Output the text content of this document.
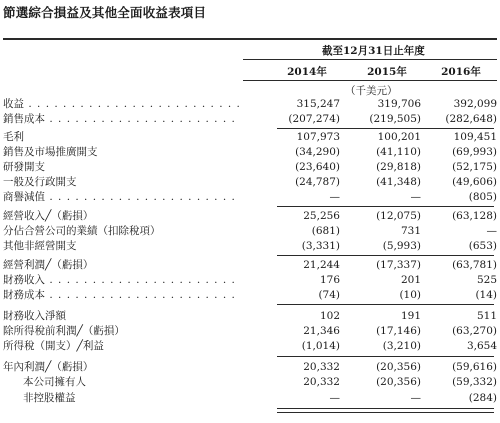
節選綜合損益及其他全面收益表項目
截至12月31日止年度
2014年	2015年	2016年
（千美元）
收益 . . .	315,247	319,706	392,099
銷售成本 . . .	(207,274)	(219,505)	(282,648)
毛利	107,973	100,201	109,451
銷售及市場推廣開支	(34,290)	(41,110)	(69,993)
研發開支	(23,640)	(29,818)	(52,175)
一般及行政開支	(24,787)	(41,348)	(49,606)
商譽減值 . . .	—	—	(805)
經營收入╱（虧損）	25,256	(12,075)	(63,128)
分佔合營公司的業績（扣除稅項）	(681)	731	—
其他非經營開支	(3,331)	(5,993)	(653)
經營利潤╱（虧損）	21,244	(17,337)	(63,781)
財務收入 . . .	176	201	525
財務成本 . . .	(74)	(10)	(14)
財務收入淨額	102	191	511
除所得稅前利潤╱（虧損）	21,346	(17,146)	(63,270)
所得稅（開支）╱利益	(1,014)	(3,210)	3,654
年內利潤╱（虧損）	20,332	(20,356)	(59,616)
本公司擁有人	20,332	(20,356)	(59,332)
非控股權益	—	—	(284)
